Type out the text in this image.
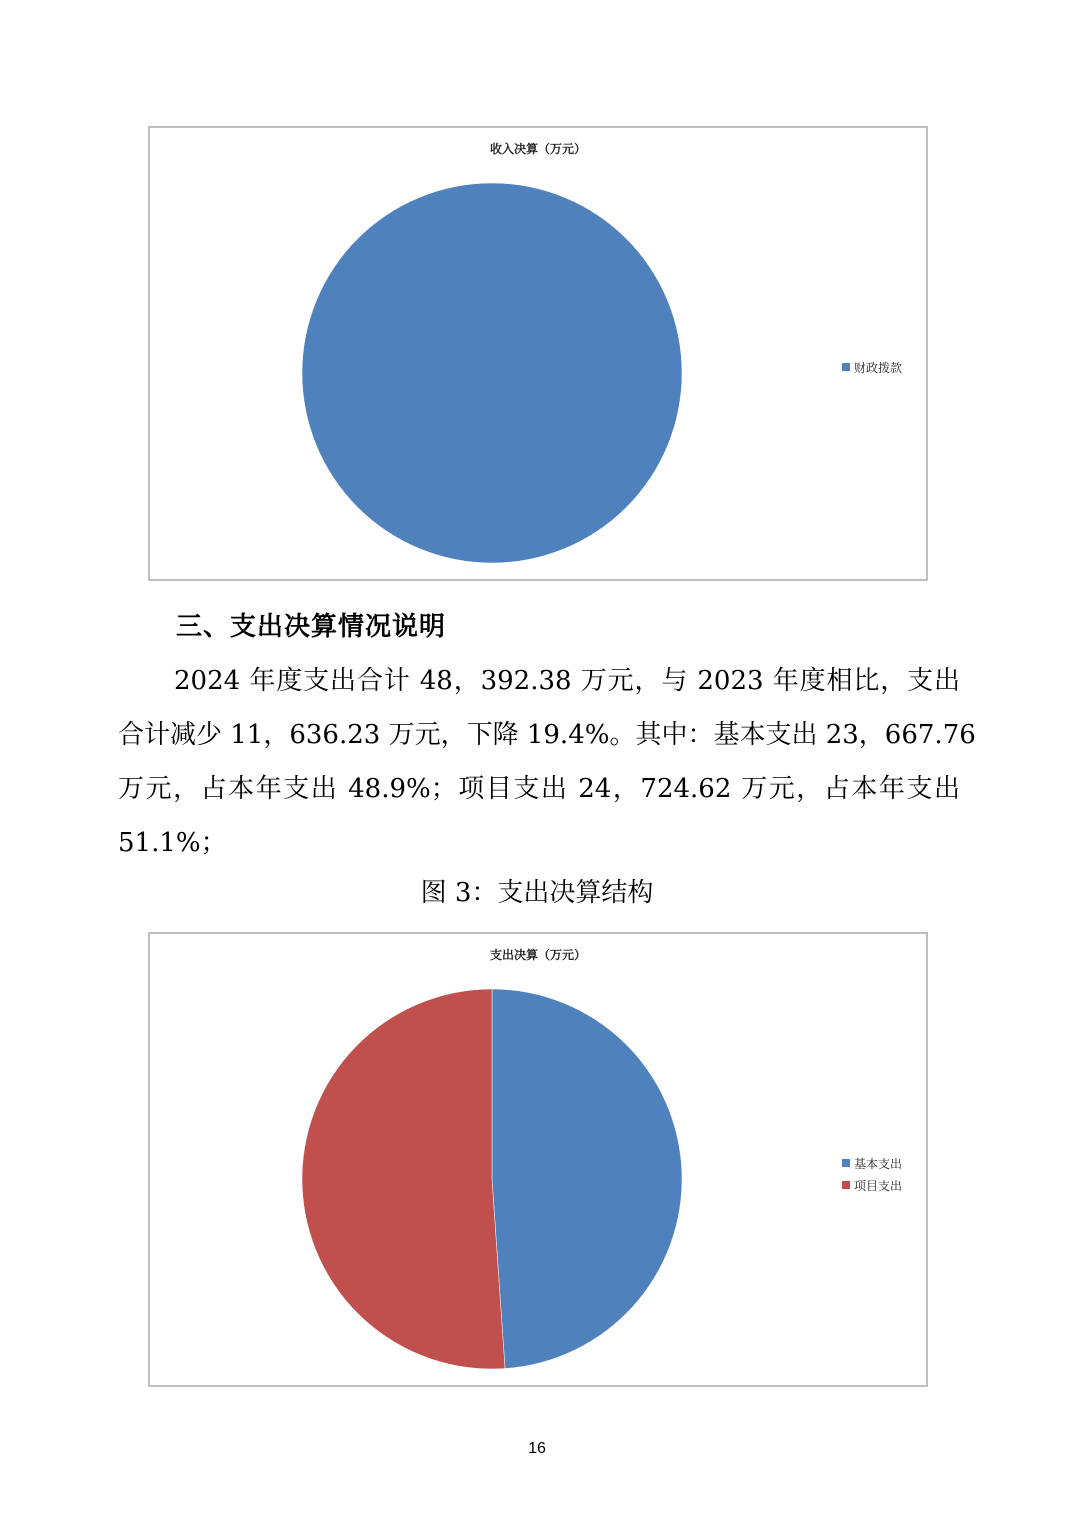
收入决算（万元）
财政拨款
三、支出决算情况说明
2024 年度支出合计 48，392.38 万元，与 2023 年度相比，支出
合计减少 11，636.23 万元，下降 19.4%。其中：基本支出 23，667.76
万元，占本年支出 48.9%；项目支出 24，724.62 万元，占本年支出
51.1%；
图 3：支出决算结构
支出决算（万元）
基本支出
项目支出
16
